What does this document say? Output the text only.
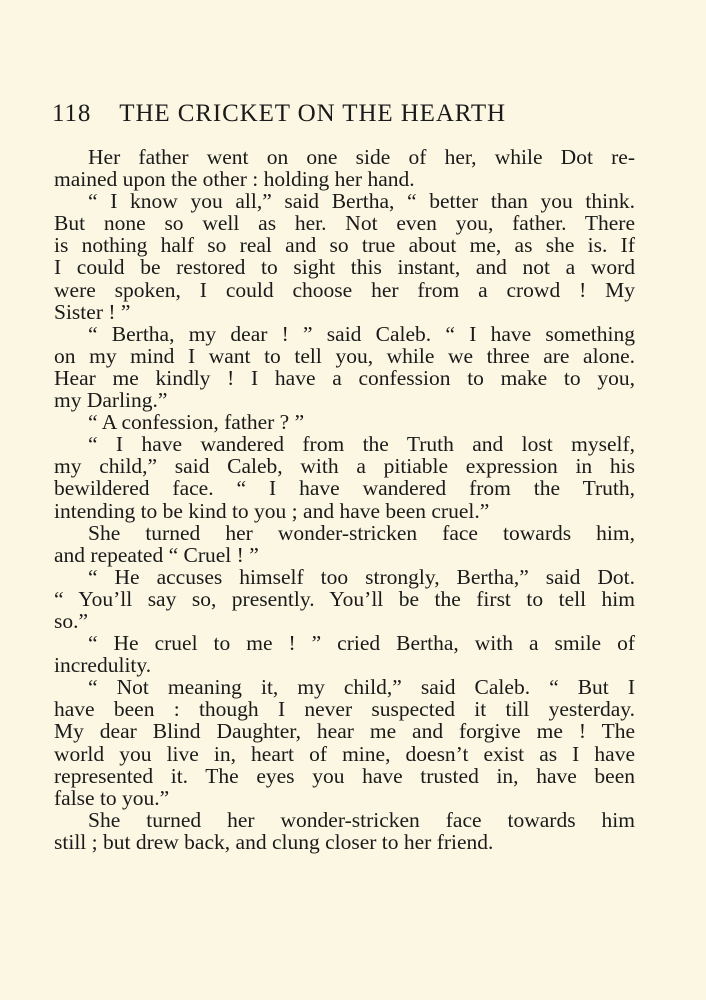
118 THE CRICKET ON THE HEARTH
Her father went on one side of her, while Dot re-
mained upon the other : holding her hand.
“ I know you all,” said Bertha, “ better than you think.
But none so well as her. Not even you, father. There
is nothing half so real and so true about me, as she is. If
I could be restored to sight this instant, and not a word
were spoken, I could choose her from a crowd ! My
Sister ! ”
“ Bertha, my dear ! ” said Caleb. “ I have something
on my mind I want to tell you, while we three are alone.
Hear me kindly ! I have a confession to make to you,
my Darling.”
“ A confession, father ? ”
“ I have wandered from the Truth and lost myself,
my child,” said Caleb, with a pitiable expression in his
bewildered face. “ I have wandered from the Truth,
intending to be kind to you ; and have been cruel.”
She turned her wonder-stricken face towards him,
and repeated “ Cruel ! ”
“ He accuses himself too strongly, Bertha,” said Dot.
“ You’ll say so, presently. You’ll be the first to tell him
so.”
“ He cruel to me ! ” cried Bertha, with a smile of
incredulity.
“ Not meaning it, my child,” said Caleb. “ But I
have been : though I never suspected it till yesterday.
My dear Blind Daughter, hear me and forgive me ! The
world you live in, heart of mine, doesn’t exist as I have
represented it. The eyes you have trusted in, have been
false to you.”
She turned her wonder-stricken face towards him
still ; but drew back, and clung closer to her friend.
